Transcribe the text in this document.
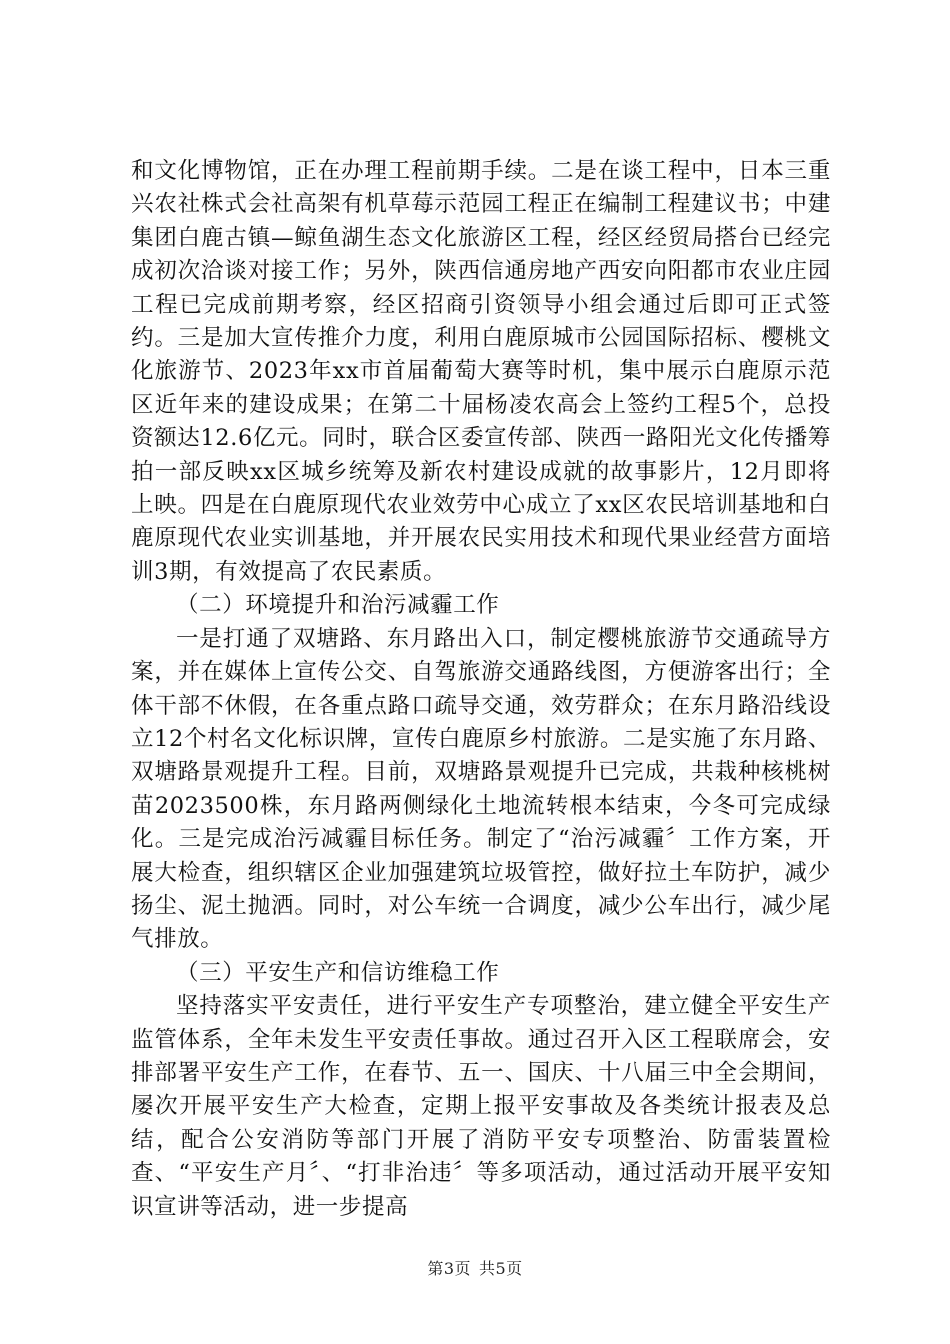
和文化博物馆，正在办理工程前期手续。二是在谈工程中，日本三重兴农社株式会社高架有机草莓示范园工程正在编制工程建议书；中建集团白鹿古镇—鲸鱼湖生态文化旅游区工程，经区经贸局搭台已经完成初次洽谈对接工作；另外，陕西信通房地产西安向阳都市农业庄园工程已完成前期考察，经区招商引资领导小组会通过后即可正式签约。三是加大宣传推介力度，利用白鹿原城市公园国际招标、樱桃文化旅游节、2023年xx市首届葡萄大赛等时机，集中展示白鹿原示范区近年来的建设成果；在第二十届杨凌农高会上签约工程5个，总投资额达12.6亿元。同时，联合区委宣传部、陕西一路阳光文化传播筹拍一部反映xx区城乡统筹及新农村建设成就的故事影片，12月即将上映。四是在白鹿原现代农业效劳中心成立了xx区农民培训基地和白鹿原现代农业实训基地，并开展农民实用技术和现代果业经营方面培训3期，有效提高了农民素质。

（二）环境提升和治污减霾工作

一是打通了双塘路、东月路出入口，制定樱桃旅游节交通疏导方案，并在媒体上宣传公交、自驾旅游交通路线图，方便游客出行；全体干部不休假，在各重点路口疏导交通，效劳群众；在东月路沿线设立12个村名文化标识牌，宣传白鹿原乡村旅游。二是实施了东月路、双塘路景观提升工程。目前，双塘路景观提升已完成，共栽种核桃树苗2023500株，东月路两侧绿化土地流转根本结束，今冬可完成绿化。三是完成治污减霾目标任务。制定了“治污减霾〞工作方案，开展大检查，组织辖区企业加强建筑垃圾管控，做好拉土车防护，减少扬尘、泥土抛洒。同时，对公车统一合调度，减少公车出行，减少尾气排放。

（三）平安生产和信访维稳工作

坚持落实平安责任，进行平安生产专项整治，建立健全平安生产监管体系，全年未发生平安责任事故。通过召开入区工程联席会，安排部署平安生产工作，在春节、五一、国庆、十八届三中全会期间，屡次开展平安生产大检查，定期上报平安事故及各类统计报表及总结，配合公安消防等部门开展了消防平安专项整治、防雷装置检查、“平安生产月〞、“打非治违〞等多项活动，通过活动开展平安知识宣讲等活动，进一步提高

第3页 共5页
